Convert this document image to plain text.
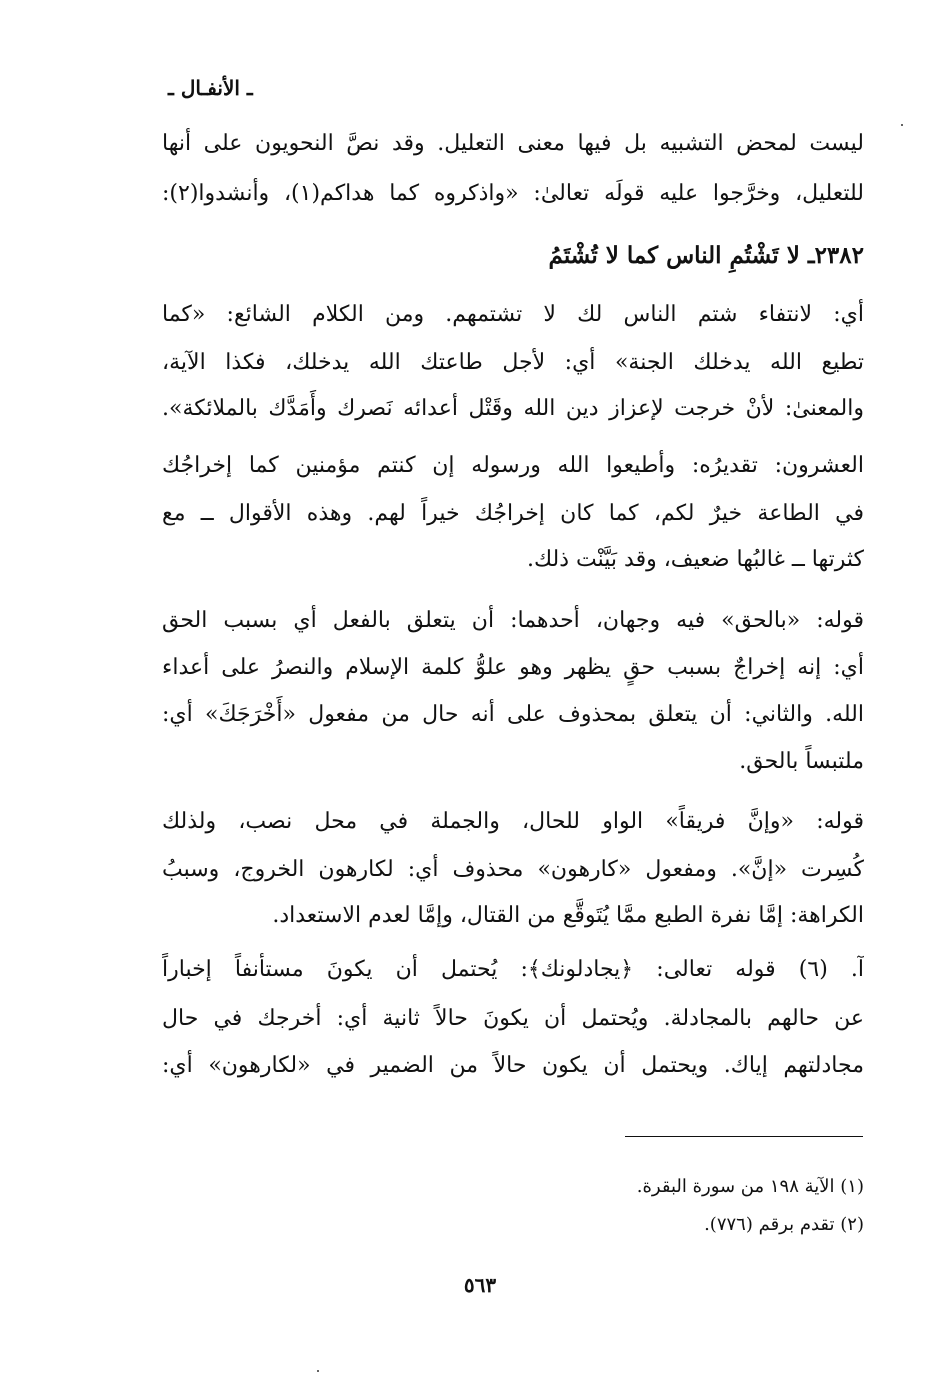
ـ الأنفـال ـ
ليست لمحض التشبيه بل فيها معنى التعليل. وقد نصَّ النحويون على أنها
للتعليل، وخرَّجوا عليه قولَه تعالىٰ: «واذكروه كما هداكم(١)، وأنشدوا(٢):
٢٣٨٢ـ لا تَشْتُمِ الناس كما لا تُشْتَمُ
أي: لانتفاء شتم الناس لك لا تشتمهم. ومن الكلام الشائع: «كما
تطيع الله يدخلك الجنة» أي: لأجل طاعتك الله يدخلك، فكذا الآية،
والمعنىٰ: لأنْ خرجت لإعزاز دين الله وقَتْل أعدائه نَصرك وأَمَدَّك بالملائكة».
العشرون: تقديرُه: وأطيعوا الله ورسوله إن كنتم مؤمنين كما إخراجُك
في الطاعة خيرٌ لكم، كما كان إخراجُك خيراً لهم. وهذه الأقوال ــ مع
كثرتها ــ غالبُها ضعيف، وقد بَيَّنْت ذلك.
قوله: «بالحق» فيه وجهان، أحدهما: أن يتعلق بالفعل أي بسبب الحق
أي: إنه إخراجٌ بسبب حقٍ يظهر وهو علوُّ كلمة الإسلام والنصرُ على أعداء
الله. والثاني: أن يتعلق بمحذوف على أنه حال من مفعول «أَخْرَجَكَ» أي:
ملتبساً بالحق.
قوله: «وإنَّ فريقاً» الواو للحال، والجملة في محل نصب، ولذلك
كُسِرت «إنَّ». ومفعول «كارهون» محذوف أي: لكارهون الخروج، وسببُ
الكراهة: إمَّا نفرة الطبع ممَّا يُتَوقَّع من القتال، وإمَّا لعدم الاستعداد.
آ. (٦) قوله تعالى: ﴿يجادلونك﴾: يُحتمل أن يكونَ مستأنفاً إخباراً
عن حالهم بالمجادلة. ويُحتمل أن يكونَ حالاً ثانية أي: أخرجك في حال
مجادلتهم إياك. ويحتمل أن يكون حالاً من الضمير في «لكارهون» أي:
(١) الآية ١٩٨ من سورة البقرة.
(٢) تقدم برقم (٧٧٦).
٥٦٣
